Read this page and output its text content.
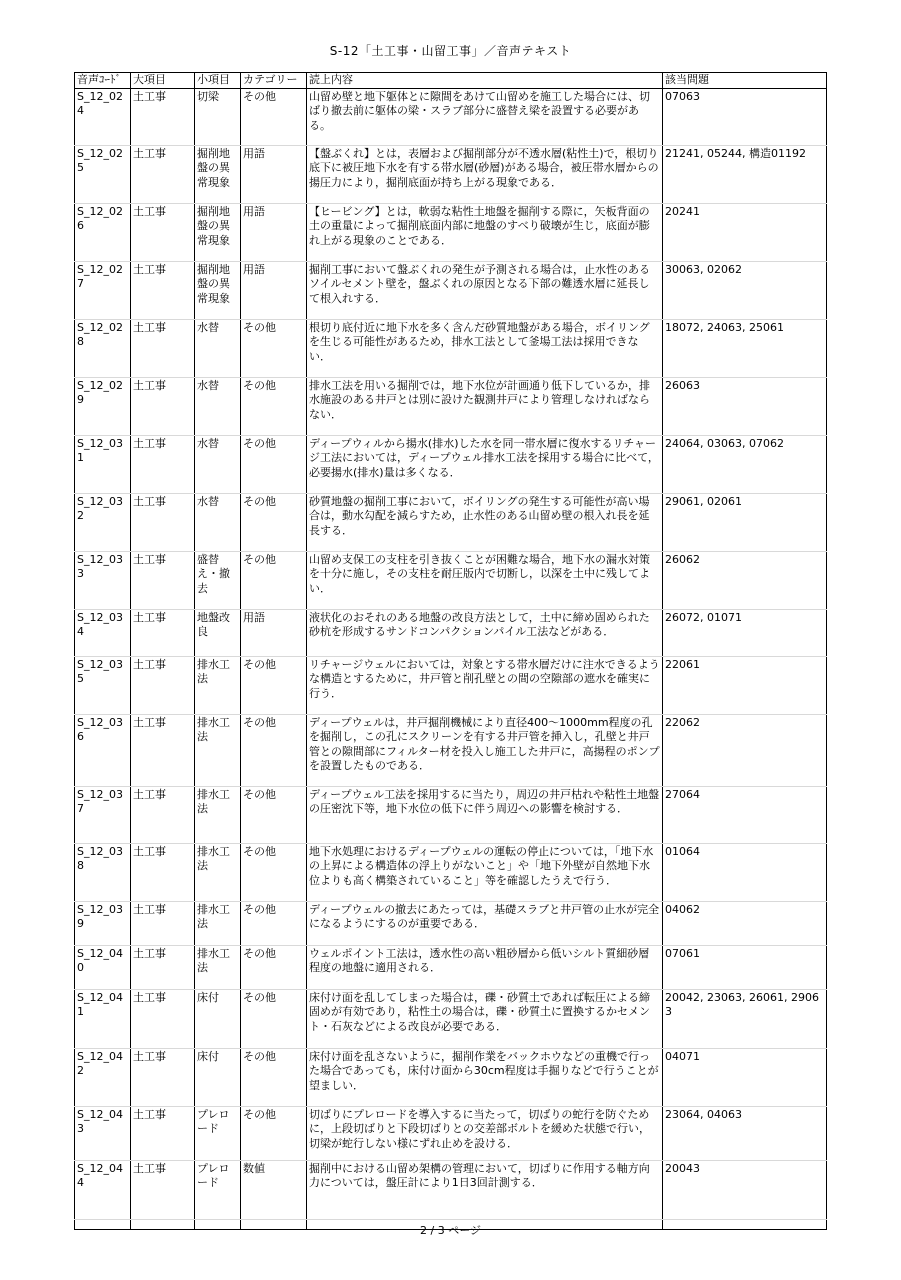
S-12「土工事・山留工事」／音声テキスト
音声ｺｰﾄﾞ	大項目	小項目	カテゴリー	読上内容	該当問題
S_12_024	土工事	切梁	その他	山留め壁と地下躯体とに隙間をあけて山留めを施工した場合には、切ばり撤去前に躯体の梁・スラブ部分に盛替え梁を設置する必要がある。	07063
S_12_025	土工事	掘削地盤の異常現象	用語	【盤ぶくれ】とは，表層および掘削部分が不透水層(粘性土)で，根切り底下に被圧地下水を有する帯水層(砂層)がある場合，被圧帯水層からの揚圧力により，掘削底面が持ち上がる現象である．	21241, 05244, 構造01192
S_12_026	土工事	掘削地盤の異常現象	用語	【ヒービング】とは，軟弱な粘性土地盤を掘削する際に，矢板背面の土の重量によって掘削底面内部に地盤のすべり破壊が生じ，底面が膨れ上がる現象のことである．	20241
S_12_027	土工事	掘削地盤の異常現象	用語	掘削工事において盤ぶくれの発生が予測される場合は，止水性のあるソイルセメント壁を，盤ぶくれの原因となる下部の難透水層に延長して根入れする．	30063, 02062
S_12_028	土工事	水替	その他	根切り底付近に地下水を多く含んだ砂質地盤がある場合，ボイリングを生じる可能性があるため，排水工法として釜場工法は採用できない．	18072, 24063, 25061
S_12_029	土工事	水替	その他	排水工法を用いる掘削では，地下水位が計画通り低下しているか，排水施設のある井戸とは別に設けた観測井戸により管理しなければならない．	26063
S_12_031	土工事	水替	その他	ディープウィルから揚水(排水)した水を同一帯水層に復水するリチャージ工法においては，ディープウェル排水工法を採用する場合に比べて，必要揚水(排水)量は多くなる．	24064, 03063, 07062
S_12_032	土工事	水替	その他	砂質地盤の掘削工事において，ボイリングの発生する可能性が高い場合は，動水勾配を減らすため，止水性のある山留め壁の根入れ長を延長する．	29061, 02061
S_12_033	土工事	盛替え・撤去	その他	山留め支保工の支柱を引き抜くことが困難な場合，地下水の漏水対策を十分に施し，その支柱を耐圧版内で切断し，以深を土中に残してよい．	26062
S_12_034	土工事	地盤改良	用語	液状化のおそれのある地盤の改良方法として，土中に締め固められた砂杭を形成するサンドコンパクションパイル工法などがある．	26072, 01071
S_12_035	土工事	排水工法	その他	リチャージウェルにおいては，対象とする帯水層だけに注水できるような構造とするために，井戸管と削孔壁との間の空隙部の遮水を確実に行う．	22061
S_12_036	土工事	排水工法	その他	ディープウェルは，井戸掘削機械により直径400～1000mm程度の孔を掘削し，この孔にスクリーンを有する井戸管を挿入し，孔壁と井戸管との隙間部にフィルター材を投入し施工した井戸に，高揚程のポンプを設置したものである．	22062
S_12_037	土工事	排水工法	その他	ディープウェル工法を採用するに当たり，周辺の井戸枯れや粘性土地盤の圧密沈下等，地下水位の低下に伴う周辺への影響を検討する．	27064
S_12_038	土工事	排水工法	その他	地下水処理におけるディープウェルの運転の停止については，「地下水の上昇による構造体の浮上りがないこと」や「地下外壁が自然地下水位よりも高く構築されていること」等を確認したうえで行う．	01064
S_12_039	土工事	排水工法	その他	ディープウェルの撤去にあたっては，基礎スラブと井戸管の止水が完全になるようにするのが重要である．	04062
S_12_040	土工事	排水工法	その他	ウェルポイント工法は，透水性の高い粗砂層から低いシルト質細砂層程度の地盤に適用される．	07061
S_12_041	土工事	床付	その他	床付け面を乱してしまった場合は，礫・砂質土であれば転圧による締固めが有効であり，粘性土の場合は，礫・砂質土に置換するかセメント・石灰などによる改良が必要である．	20042, 23063, 26061, 29063
S_12_042	土工事	床付	その他	床付け面を乱さないように，掘削作業をバックホウなどの重機で行った場合であっても，床付け面から30cm程度は手掘りなどで行うことが望ましい．	04071
S_12_043	土工事	プレロード	その他	切ばりにプレロードを導入するに当たって，切ばりの蛇行を防ぐために，上段切ばりと下段切ばりとの交差部ボルトを緩めた状態で行い，切梁が蛇行しない様にずれ止めを設ける．	23064, 04063
S_12_044	土工事	プレロード	数値	掘削中における山留め架構の管理において，切ばりに作用する軸方向力については，盤圧計により1日3回計測する．	20043

2 / 3 ページ
